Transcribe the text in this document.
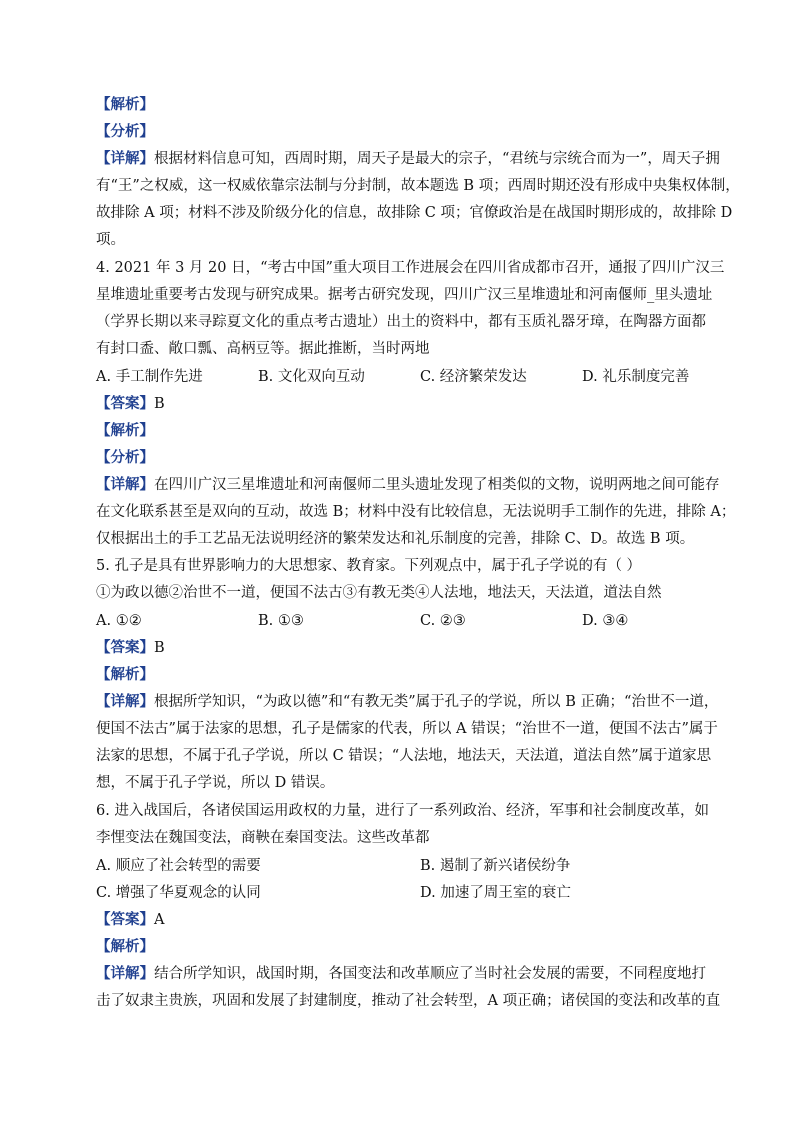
【解析】
【分析】
【详解】根据材料信息可知，西周时期，周天子是最大的宗子，“君统与宗统合而为一”，周天子拥
有“王”之权威，这一权威依靠宗法制与分封制，故本题选 B 项；西周时期还没有形成中央集权体制，
故排除 A 项；材料不涉及阶级分化的信息，故排除 C 项；官僚政治是在战国时期形成的，故排除 D
项。
4. 2021 年 3 月 20 日，“考古中国”重大项目工作进展会在四川省成都市召开，通报了四川广汉三
星堆遗址重要考古发现与研究成果。据考古研究发现，四川广汉三星堆遗址和河南偃师_里头遗址
（学界长期以来寻踪夏文化的重点考古遗址）出土的资料中，都有玉质礼器牙璋，在陶器方面都
有封口盉、敞口瓢、高柄豆等。据此推断，当时两地
A. 手工制作先进	B. 文化双向互动	C. 经济繁荣发达	D. 礼乐制度完善
【答案】B
【解析】
【分析】
【详解】在四川广汉三星堆遗址和河南偃师二里头遗址发现了相类似的文物，说明两地之间可能存
在文化联系甚至是双向的互动，故选 B；材料中没有比较信息，无法说明手工制作的先进，排除 A；
仅根据出土的手工艺品无法说明经济的繁荣发达和礼乐制度的完善，排除 C、D。故选 B 项。
5. 孔子是具有世界影响力的大思想家、教育家。下列观点中，属于孔子学说的有（ ）
①为政以德②治世不一道，便国不法古③有教无类④人法地，地法天，天法道，道法自然
A. ①②	B. ①③	C. ②③	D. ③④
【答案】B
【解析】
【详解】根据所学知识，“为政以德”和“有教无类”属于孔子的学说，所以 B 正确；“治世不一道，
便国不法古”属于法家的思想，孔子是儒家的代表，所以 A 错误；“治世不一道，便国不法古”属于
法家的思想，不属于孔子学说，所以 C 错误；“人法地，地法天，天法道，道法自然”属于道家思
想，不属于孔子学说，所以 D 错误。
6. 进入战国后，各诸侯国运用政权的力量，进行了一系列政治、经济，军事和社会制度改革，如
李悝变法在魏国变法，商鞅在秦国变法。这些改革都
A. 顺应了社会转型的需要	B. 遏制了新兴诸侯纷争
C. 增强了华夏观念的认同	D. 加速了周王室的衰亡
【答案】A
【解析】
【详解】结合所学知识，战国时期，各国变法和改革顺应了当时社会发展的需要，不同程度地打
击了奴隶主贵族，巩固和发展了封建制度，推动了社会转型，A 项正确；诸侯国的变法和改革的直
